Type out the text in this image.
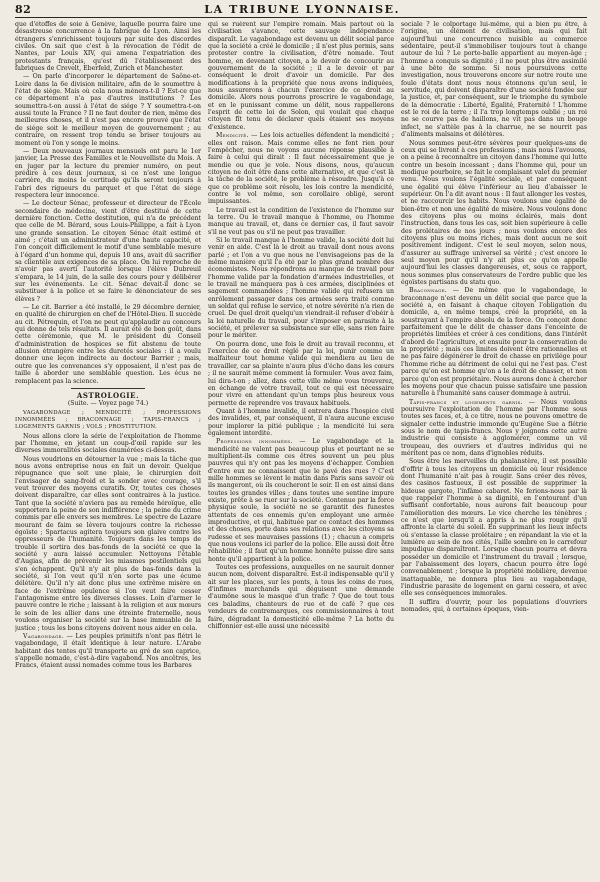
82	LA TRIBUNE LYONNAISE.

que d'étoffes de soie à Genève, laquelle pourra faire une désastreuse concurrence à la fabrique de Lyon. Ainsi les étrangers s'enrichissent toujours par suite des discordes civiles. On sait que c'est à la révocation de l'édit de Nantes, par Louis XIV, qui amena l'expatriation des protestants français, qu'est dû l'établissement des fabriques de Crevelt, Eberfeld, Zurich et Manchester.

— On parle d'incorporer le département de Saône-et-Loire dans la 6e division militaire, afin de le soumettre à l'état de siége. Mais où cela nous mènera-t-il ? Est-ce que ce département n'a pas d'autres institutions ? Les soumettra-t-on aussi à l'état de siége ? Y soumettra-t-on aussi toute la France ? Il ne faut douter de rien, même des meilleures choses, et il n'est pas encore prouvé que l'état de siége soit le meilleur moyen de gouvernement ; au contraire, on ressent trop tendu se briser toujours au moment où l'on y songe le moins.

— Deux nouveaux journaux mensuels ont paru le 1er janvier, La Presse des Familles et le Nouvelliste du Mois. A en juger par la lecture du premier numéro, on peut prédire à ces deux journaux, si ce n'est une longue carrière, du moins le certitude qu'ils seront toujours à l'abri des rigueurs du parquet et que l'état de siége respectera leur innocence.

— Le docteur Sénac, professeur et directeur de l'École secondaire de médecine, vient d'être destitué de cette dernière fonction. Cette destitution, qui n'a de précédent que celle de M. Bérard, sous Louis-Philippe, a fait à Lyon une grande sensation. Le citoyen Sénac était estimé et aimé ; c'était un administrateur d'une haute capacité, et l'on conçoit difficilement le motif d'une semblable mesure à l'égard d'un homme qui, depuis 10 ans, avait dû sacrifier sa clientèle aux exigences de sa place. On lui reproche de n'avoir pas averti l'autorité lorsque l'élève Dubreuil s'empara, le 14 juin, de la salle des cours pour y délibérer sur les événements. Le cit. Sénac devait-il donc se substituer à la police et se faire le dénonciateur de ses élèves ?

— Le cit. Barrier a été installé, le 29 décembre dernier, en qualité de chirurgien en chef de l'Hôtel-Dieu. Il succède au cit. Pétrequin, et l'on ne peut qu'applaudir au concours qui donne de tels résultats. Il aurait été de bon goût, dans cette cérémonie, que M. le président du Conseil d'administration de hospices se fût abstenu de toute allusion étrangère entre les duretés sociales : il a voulu donner une leçon indirecte au docteur Barrier ; mais, outre que les convenances s'y opposaient, il n'est pas de taille à aborder une semblable question. Les écus ne remplacent pas la science.

ASTROLOGIE.
(Suite. — Voyez page 74.)

VAGABONDAGE ; MENDICITÉ ; PROFESSIONS INNOMMÉES ; BRACONNAGE ; TAPIS-FRANCS ; LOGEMENTS GARNIS ; VOLS ; PROSTITUTION.

Nous allons clore la série de l'exploitation de l'homme par l'homme, en jetant un coup-d'œil rapide sur les diverses immoralités sociales énumérées ci-dessus.

Nous voudrions en détourner la vue ; mais la tâche que nous avons entreprise nous en fait un devoir. Quelque répugnance que soit une plaie, le chirurgien doit l'envisager de sang-froid et la sonder avec courage, s'il veut trouver des moyens curatifs. Or, toutes ces choses doivent disparaître, car elles sont contraires à la justice. Tant que la société n'aviera pas au remède héroïque, elle supportera la peine de son indifférence ; la peine du crime commis par elle envers ses membres. Le spectre de Lazare mourant de faim se lèvera toujours contre la richesse égoïste ; Spartacus agitera toujours son glaive contre les oppresseurs de l'humanité. Toujours dans les temps de trouble il sortira des bas-fonds de la société ce que la société y aura laissé accumuler. Nettoyons l'étable d'Augias, afin de prévenir les miasmes pestilentiels qui s'en échappent. Qu'il n'y ait plus de bas-fonds dans la société, si l'on veut qu'il n'en sorte pas une écume délétère. Qu'il n'y ait donc plus une extrême misère en face de l'extrême opulence si l'on veut faire cesser l'antagonisme entre les diverses classes. Loin d'armer le pauvre contre le riche ; laissant à la religion et aux mœurs le soin de les allier dans une étreinte fraternelle, nous voulons organiser la société sur la base immuable de la justice ; tous les bons citoyens doivent nous aider en cela.

Vagabondage. — Les peuples primitifs n'ont pas flétri le vagabondage, il était identique à leur nature. L'Arabe habitant des tentes qu'il transporte au gré de son caprice, s'appelle nomade, c'est-à-dire vagabond. Nos ancêtres, les Francs, étaient aussi nomades comme tous les Barbares

qui se ruèrent sur l'empire romain. Mais partout où la civilisation s'avance, cette sauvage indépendance disparaît. Le vagabondage est devenu un délit social parce que la société a créé le domicile ; il n'est plus permis, sans protester contre la civilisation, d'être nomade. Tout homme, en devenant citoyen, a le devoir de concourir au gouvernement de la société ; il a le devoir et par conséquent le droit d'avoir un domicile. Par des modifications à la propriété que nous avons indiquées, nous assurerons à chacun l'exercice de ce droit au domicile. Alors nous pourrons proscrire le vagabondage, et en le punissant comme un délit, nous rappellerons l'esprit de cette loi de Solon, qui voulait que chaque citoyen fît tenu de déclarer quels étaient ses moyens d'existence.

Mendicité. — Les lois actuelles défendent la mendicité ; elles ont raison. Mais comme elles ne font rien pour l'empêcher, nous ne voyons aucune réponse plausible à faire à celui qui dirait : Il faut nécessairement que je mendie ou que je vole. Nous disons, nous, qu'aucun citoyen ne doit être dans cette alternative, et que c'est là la tâche de la société, le problème à résoudre. Jusqu'à ce que ce problème soit résolu, les lois contre la mendicité, contre le vol même, son corollaire obligé, seront impuissantes.

Le travail est la condition de l'existence de l'homme sur la terre. Ou le travail manque à l'homme, ou l'homme manque au travail, et, dans ce dernier cas, il faut savoir s'il ne veut pas ou s'il ne peut pas travailler.

Si le travail manque à l'homme valide, la société doit lui venir en aide. C'est là le droit au travail dont nous avons parlé ; et l'on a vu que nous ne l'envisageions pas de la même manière qu'il l'a été par le plus grand nombre des économistes. Nous répondrons au manque de travail pour l'homme valide par la fondation d'armées industrielles, et le travail ne manquera pas à ces armées, disciplinées et sagement commandées ; l'homme valide qui refusera un enrôlement passager dans ces armées sera traité comme un soldat qui refuse le service, et notre sévérité n'a rien de cruel. De quel droit quelqu'un viendrait-il refuser d'obéir à la loi naturelle du travail, pour s'imposer en parasite à la société, et prélever sa subsistance sur elle, sans rien faire pour le mériter.

On pourra donc, une fois le droit au travail reconnu, et l'exercice de ce droit réglé par la loi, punir comme un malfaiteur tout homme valide qui mendiera au lieu de travailler, car sa plainte n'aura plus d'écho dans les cœurs ; il ne saurait même comment la formuler. Vous avez faim, lui dira-t-on ; allez, dans cette ville même vous trouverez, en échange de votre travail, tout ce qui est nécessaire pour vivre en attendant qu'un temps plus heureux vous permette de reprendre vos travaux habituels.

Quant à l'homme invalide, il entrera dans l'hospice civil des invalides, et, par conséquent, il n'aura aucune excuse pour implorer la pitié publique ; la mendicité lui sera également interdite.

Professions innommées. — Le vagabondage et la mendicité ne valent pas beaucoup plus et pourtant ne se multiplient-ils comme ces êtres souvent un peu plus pauvres qui n'y ont pas les moyens d'échapper. Combien d'entre eux ne connaissent que le pavé des rues ? C'est mille hommes se lèvent le matin dans Paris sans savoir où ils mangeront, où ils coucheront le soir. Il en est ainsi dans toutes les grandes villes ; dans toutes une sentine impure existe, prête à se ruer sur la société. Contenue par la force physique soule, la société ne se garantit des funestes attentats de ces ennemis qu'en employant une armée improductive, et qui, habituée par ce contact des hommes et des choses, porte dans ses relations avec les citoyens sa rudesse et ses mauvaises passions (1) ; chacun a compris que nous voulons ici parler de la police. Elle aussi doit être réhabilitée ; il faut qu'un homme honnête puisse dire sans honte qu'il appartient à la police.

Toutes ces professions, auxquelles on ne saurait donner aucun nom, doivent disparaître. Est-il indispensable qu'il y ait sur les places, sur les ponts, à tous les coins de rues, d'infimes marchands qui déguisent une demande d'aumône sous le masque d'un trafic ? Que de tout tous ces baladins, chanteurs de rue et de café ? que ces vendeurs de contremarques, ces commissionnaires à tout faire, dégradant la domesticité elle-même ? La hotte du chiffonnier est-elle aussi une nécessité

sociale ? le colportage lui-même, qui a bien pu être, à l'origine, un élément de civilisation, mais qui fait aujourd'hui une concurrence nuisible au commerce sédentaire, peut-il s'immobiliser toujours tout à change autour de lui ? Le porte-balle appartient au moyen-âge ; l'homme a conquis sa dignité ; il ne peut plus être assimilé à une bête de somme. Si nous poursuivons cette investigation, nous trouverons encore sur notre route une foule d'états dont nous nous étonnons qu'un seul, le servitude, qui doivent disparaître d'une société fondée sur la justice, et, par conséquent, sur le triomphe du symbole de la démocratie : Liberté, Égalité, Fraternité ! L'homme est le roi de la terre ; il l'a trop longtemps oublié ; un roi ne se courve pas de haillons, ne vit pas dans un bouge infect, ne s'attèle pas à la charrue, ne se nourrit pas d'aliments malsains et délétères.

Nous sommes peut-être sévères pour quelques-uns de ceux qui se livrent à ces professions ; mais nous l'avouons, on a peine à reconnaître un citoyen dans l'homme qui lutte contre un besoin incessant ; dans l'homme qui, pour un modique pourboire, se fait le complaisant valet du premier venu. Nous voulons l'égalité sociale, et par conséquent une égalité qui élève l'inférieur au lieu d'abaisser le supérieur. On l'a dit avant nous : Il faut allonger les vestes, et ne raccourcir les habits. Nous voulons une égalité de bien-être et non une égalité de misère. Nous voulons donc des citoyens plus ou moins éclairés, mais dont l'instruction, dans tous les cas, soit bien supérieure à celle des prolétaires de nos jours ; nous voulons encore des citoyens plus ou moins riches, mais dont aucun ne soit positivement indigent. C'est le seul moyen, selon nous, d'assurer au suffrage universel sa vérité ; c'est encore le seul moyen pour qu'il n'y ait plus ce qu'on appelle aujourd'hui les classes dangereuses, et, sous ce rapport, nous sommes plus conservateurs de l'ordre public que les égoïstes partisans du statu quo.

Braconnage. — De même que le vagabondage, le braconnage n'est devenu un délit social que parce que la société a, en faisant à chaque citoyen l'obligation du domicile, a, en même temps, créé la propriété, en la soustrayant à l'empire absolu de la force. On conçoit donc parfaitement que le délit de chasser dans l'enceinte de propriétés limitées et créer à ces conditions, dans l'intérêt d'abord de l'agriculture, et ensuite pour la conservation de la propriété ; mais ces limites doivent être rationnelles et ne pas faire dégénérer le droit de chasse en privilége pour l'homme riche au détriment de celui qui ne l'est pas. C'est parce qu'on est homme qu'on a le droit de chasser, et non parce qu'on est propriétaire. Nous aurons donc à chercher les moyens pour que chacun puisse satisfaire une passion naturelle à l'humanité sans causer dommage à autrui.

Tapis-francs et logements garnis. — Nous voulons poursuivre l'exploitation de l'homme par l'homme sous toutes ses faces, et, à ce titre, nous ne pouvons omettre de signaler cette industrie immonde qu'Eugène Sue a flétrie sous le nom de tapis-francs. Nous y joignons cette autre industrie qui consiste à agglomérer, comme un vil troupeau, des ouvriers et d'autres individus qui ne méritent pas ce nom, dans d'ignobles réduits.

Sous être les merveilles du phalanstère, il est possible d'offrir à tous les citoyens un domicile où leur résidence dont l'humanité n'ait pas à rougir. Sans créer des rêves, des casinos fastueux, il est possible de supprimer la hideuse gargote, l'infâme cabaret. Ne ferions-nous par là que rappeler l'homme à sa dignité, en l'entourant d'un suffisant confortable, nous aurons fait beaucoup pour l'amélioration des mœurs. Le vice cherche les ténèbres ; ce n'est que lorsqu'il a appris à ne plus rougir qu'il affronte la clarté du soleil. En supprimant les lieux infects où s'entasse la classe prolétaire ; en répandant la vie et la lumière au sein de nos cités, l'aille sombre en le carrefour impudique disparaîtront. Lorsque chacun pourra et devra posséder un domicile et l'instrument du travail ; lorsque, par l'abaissement des loyers, chacun pourra être logé convenablement ; lorsque la propriété mobilière, devenue inattaquable, ne donnera plus lieu au vagabondage, l'industrie parasite de logement en garni cessera, et avec elle ses conséquences immorales.

Il suffira d'ouvrir, pour les populations d'ouvriers nomades, qui, à certaines époques, vien-
